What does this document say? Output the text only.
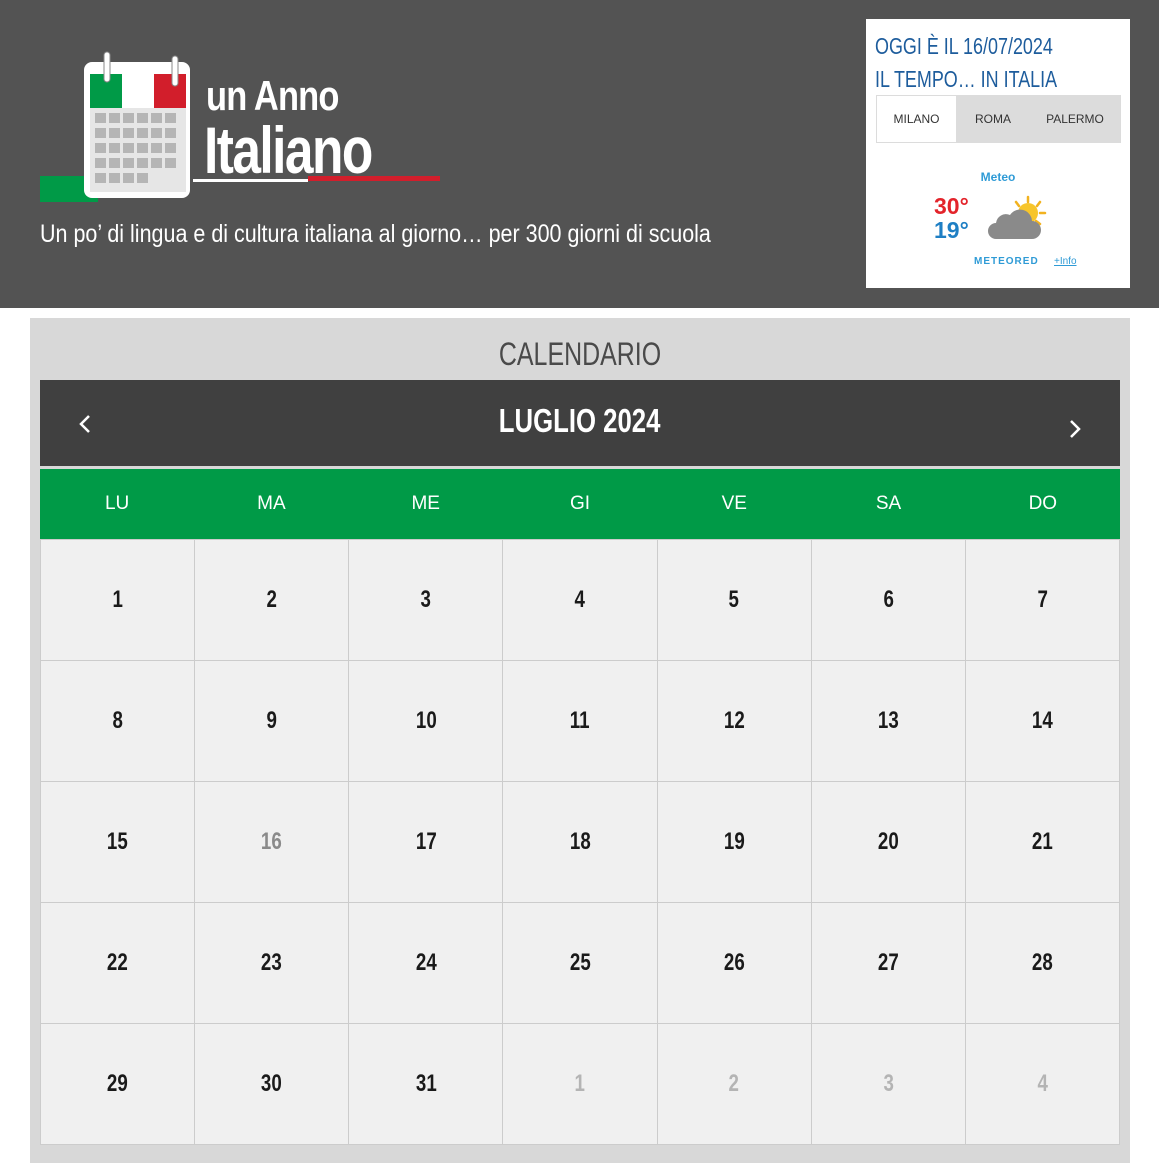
un Anno
Italiano
Un po’ di lingua e di cultura italiana al giorno… per 300 giorni di scuola
OGGI È IL 16/07/2024
IL TEMPO… IN ITALIA
MILANO	ROMA	PALERMO
Meteo
30°
19°
METEORED +Info
CALENDARIO
LUGLIO 2024
LU	MA	ME	GI	VE	SA	DO
1	2	3	4	5	6	7
8	9	10	11	12	13	14
15	16	17	18	19	20	21
22	23	24	25	26	27	28
29	30	31	1	2	3	4
